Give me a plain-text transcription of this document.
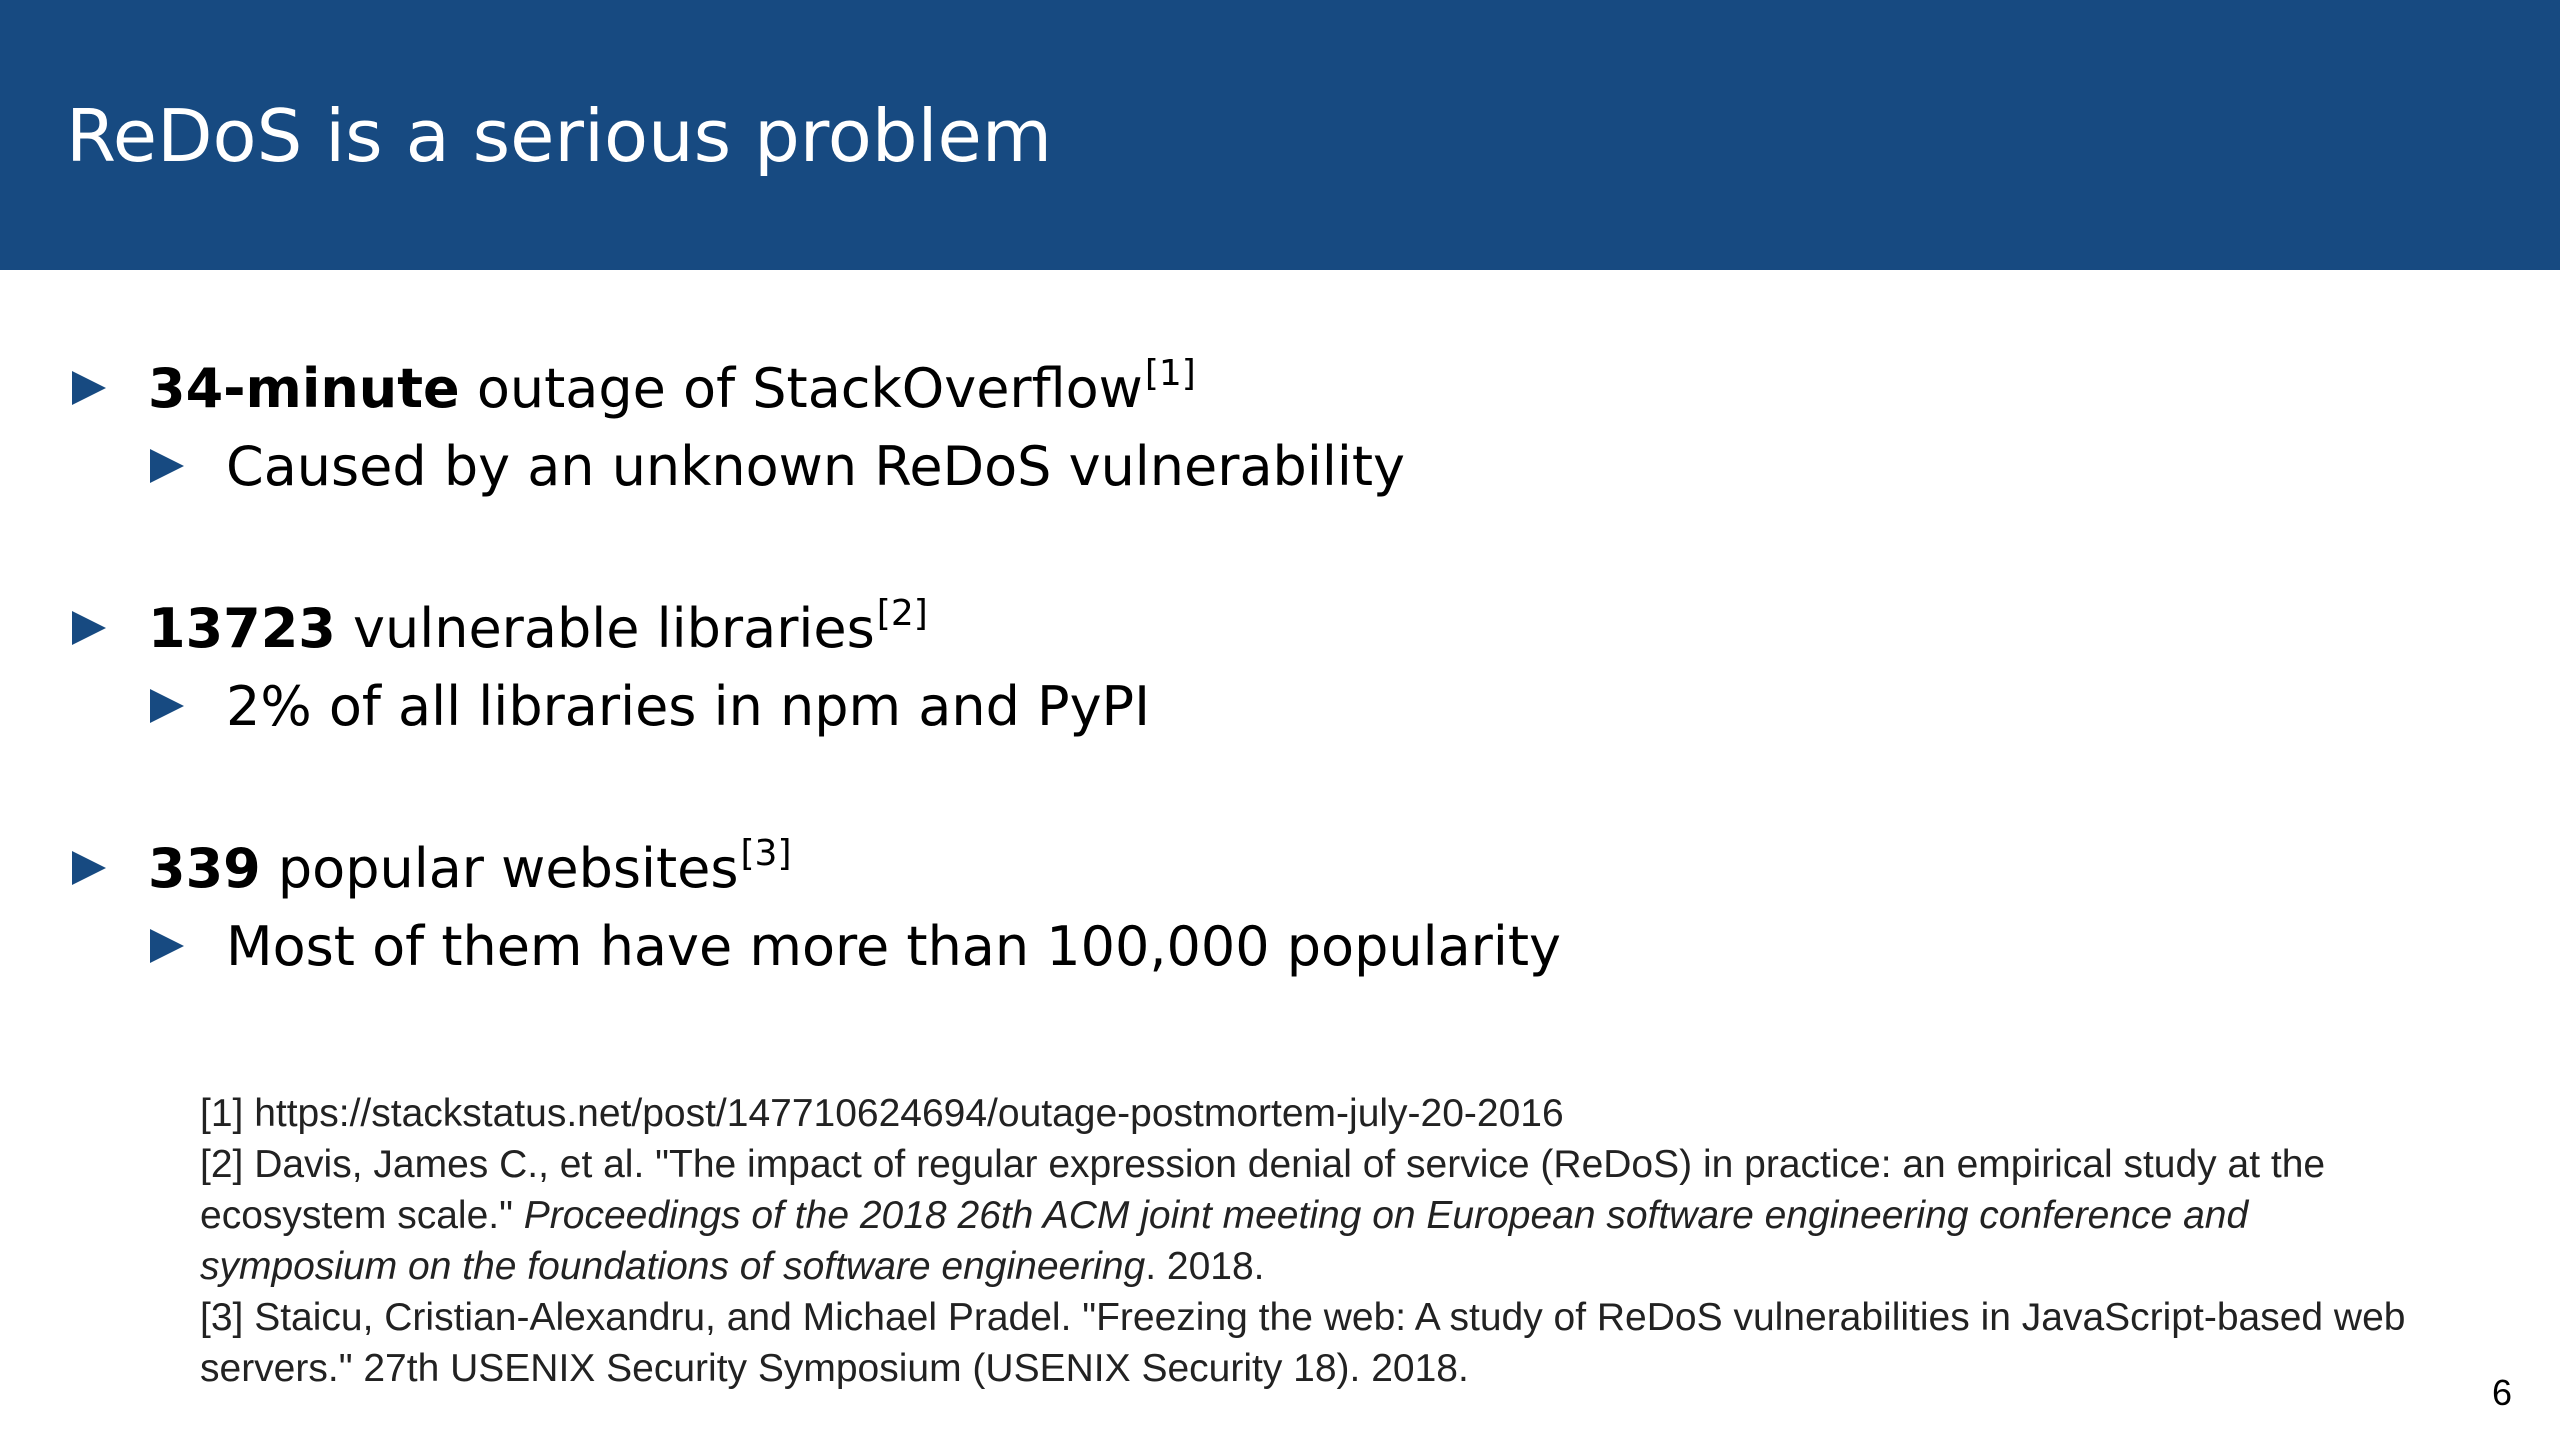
ReDoS is a serious problem
34-minute outage of StackOverflow[1]
Caused by an unknown ReDoS vulnerability
13723 vulnerable libraries[2]
2% of all libraries in npm and PyPI
339 popular websites[3]
Most of them have more than 100,000 popularity

[1] https://stackstatus.net/post/147710624694/outage-postmortem-july-20-2016

[2] Davis, James C., et al. "The impact of regular expression denial of service (ReDoS) in practice: an empirical study at the ecosystem scale." Proceedings of the 2018 26th ACM joint meeting on European software engineering conference and symposium on the foundations of software engineering. 2018.

[3] Staicu, Cristian-Alexandru, and Michael Pradel. "Freezing the web: A study of ReDoS vulnerabilities in JavaScript-based web servers." 27th USENIX Security Symposium (USENIX Security 18). 2018.

6
